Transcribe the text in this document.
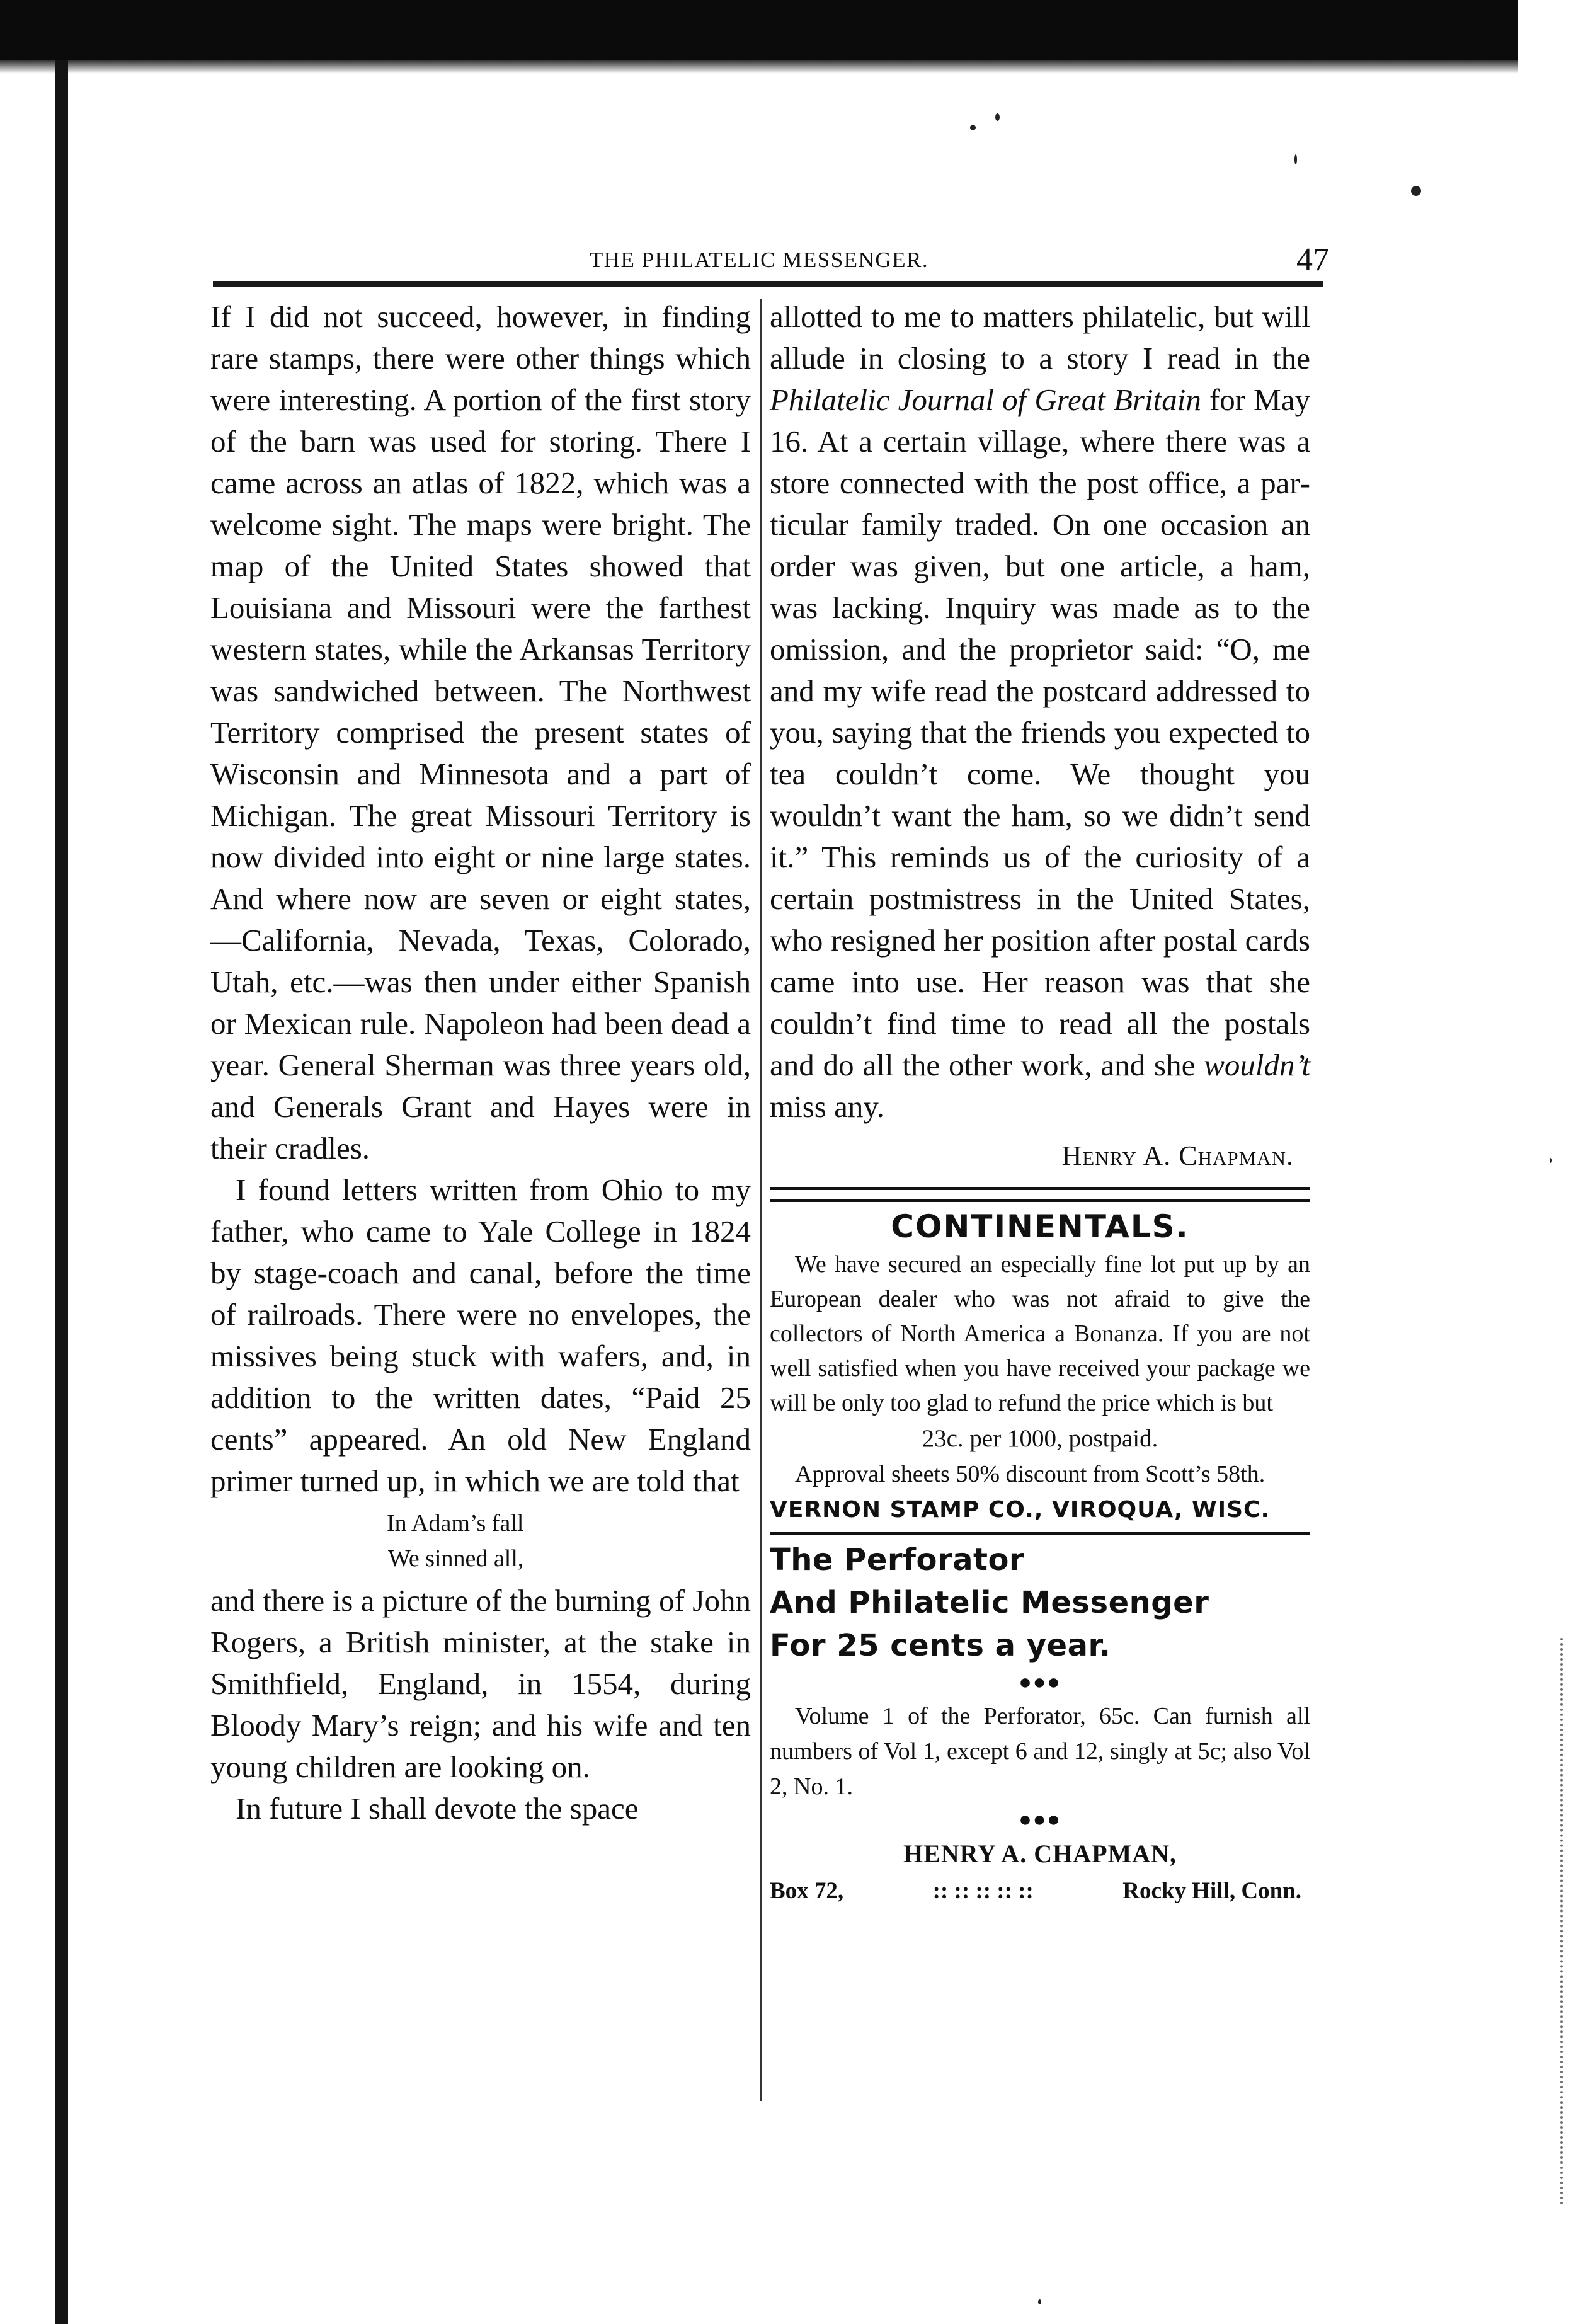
THE PHILATELIC MESSENGER.	47

If I did not succeed, however, in finding rare stamps, there were other things which were interesting. A portion of the first story of the barn was used for storing. There I came across an atlas of 1822, which was a welcome sight. The maps were bright. The map of the United States showed that Louisiana and Missouri were the farthest western states, while the Arkansas Territory was sandwiched between. The Northwest Territory comprised the present states of Wisconsin and Minnesota and a part of Michigan. The great Missouri Territory is now divided into eight or nine large states. And where now are seven or eight states, —California, Nevada, Texas, Colorado, Utah, etc.—was then under either Spanish or Mexican rule. Napoleon had been dead a year. General Sherman was three years old, and Generals Grant and Hayes were in their cradles.

I found letters written from Ohio to my father, who came to Yale College in 1824 by stage-coach and canal, before the time of railroads. There were no envelopes, the missives being stuck with wafers, and, in addition to the written dates, “Paid 25 cents” appeared. An old New England primer turned up, in which we are told that

In Adam’s fall
We sinned all,

and there is a picture of the burning of John Rogers, a British minister, at the stake in Smithfield, England, in 1554, during Bloody Mary’s reign; and his wife and ten young children are looking on.

In future I shall devote the space

allotted to me to matters philatelic, but will allude in closing to a story I read in the Philatelic Journal of Great Britain for May 16. At a certain village, where there was a store connected with the post office, a particular family traded. On one occasion an order was given, but one article, a ham, was lacking. Inquiry was made as to the omission, and the proprietor said: “O, me and my wife read the postcard addressed to you, saying that the friends you expected to tea couldn’t come. We thought you wouldn’t want the ham, so we didn’t send it.” This reminds us of the curiosity of a certain postmistress in the United States, who resigned her position after postal cards came into use. Her reason was that she couldn’t find time to read all the postals and do all the other work, and she wouldn’t miss any.

Henry A. Chapman.
CONTINENTALS.

We have secured an especially fine lot put up by an European dealer who was not afraid to give the collectors of North America a Bonanza. If you are not well satisfied when you have received your package we will be only too glad to refund the price which is but

23c. per 1000, postpaid.

Approval sheets 50% discount from Scott’s 58th.

VERNON STAMP CO., VIROQUA, WISC.
The Perforator
And Philatelic Messenger
For 25 cents a year.
●●●

Volume 1 of the Perforator, 65c. Can furnish all numbers of Vol 1, except 6 and 12, singly at 5c; also Vol 2, No. 1.

●●●
HENRY A. CHAPMAN,
Box 72,	:: :: :: :: ::	Rocky Hill, Conn.
